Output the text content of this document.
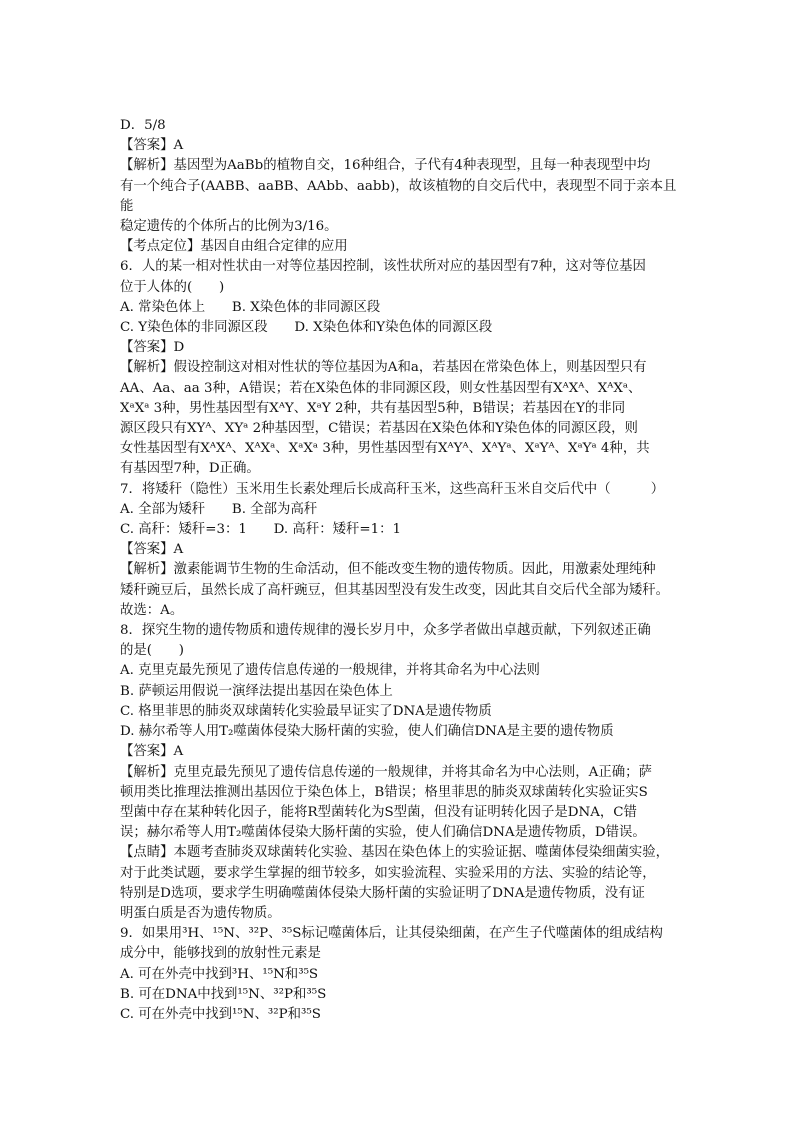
D．5/8
【答案】A
【解析】基因型为AaBb的植物自交，16种组合，子代有4种表现型，且每一种表现型中均
有一个纯合子(AABB、aaBB、AAbb、aabb)，故该植物的自交后代中，表现型不同于亲本且能
稳定遗传的个体所占的比例为3/16。
【考点定位】基因自由组合定律的应用
6．人的某一相对性状由一对等位基因控制，该性状所对应的基因型有7种，这对等位基因
位于人体的(　　)
A. 常染色体上　　B. X染色体的非同源区段
C. Y染色体的非同源区段　　D. X染色体和Y染色体的同源区段
【答案】D
【解析】假设控制这对相对性状的等位基因为A和a，若基因在常染色体上，则基因型只有
AA、Aa、aa 3种，A错误；若在X染色体的非同源区段，则女性基因型有XᴬXᴬ、XᴬXᵃ、
XᵃXᵃ 3种，男性基因型有XᴬY、XᵃY 2种，共有基因型5种，B错误；若基因在Y的非同
源区段只有XYᴬ、XYᵃ 2种基因型，C错误；若基因在X染色体和Y染色体的同源区段，则
女性基因型有XᴬXᴬ、XᴬXᵃ、XᵃXᵃ 3种，男性基因型有XᴬYᴬ、XᴬYᵃ、XᵃYᴬ、XᵃYᵃ 4种，共
有基因型7种，D正确。
7．将矮秆（隐性）玉米用生长素处理后长成高秆玉米，这些高秆玉米自交后代中（　　　）
A. 全部为矮秆　　B. 全部为高秆
C. 高秆：矮秆=3：1　　D. 高秆：矮秆=1：1
【答案】A
【解析】激素能调节生物的生命活动，但不能改变生物的遗传物质。因此，用激素处理纯种
矮秆豌豆后，虽然长成了高杆豌豆，但其基因型没有发生改变，因此其自交后代全部为矮秆。
故选：A。
8．探究生物的遗传物质和遗传规律的漫长岁月中，众多学者做出卓越贡献，下列叙述正确
的是(　　)
A. 克里克最先预见了遗传信息传递的一般规律，并将其命名为中心法则
B. 萨顿运用假说一演绎法提出基因在染色体上
C. 格里菲思的肺炎双球菌转化实验最早证实了DNA是遗传物质
D. 赫尔希等人用T₂噬菌体侵染大肠杆菌的实验，使人们确信DNA是主要的遗传物质
【答案】A
【解析】克里克最先预见了遗传信息传递的一般规律，并将其命名为中心法则，A正确；萨
顿用类比推理法推测出基因位于染色体上，B错误；格里菲思的肺炎双球菌转化实验证实S
型菌中存在某种转化因子，能将R型菌转化为S型菌，但没有证明转化因子是DNA，C错
误；赫尔希等人用T₂噬菌体侵染大肠杆菌的实验，使人们确信DNA是遗传物质，D错误。
【点睛】本题考查肺炎双球菌转化实验、基因在染色体上的实验证据、噬菌体侵染细菌实验，
对于此类试题，要求学生掌握的细节较多，如实验流程、实验采用的方法、实验的结论等，
特别是D选项，要求学生明确噬菌体侵染大肠杆菌的实验证明了DNA是遗传物质，没有证
明蛋白质是否为遗传物质。
9．如果用³H、¹⁵N、³²P、³⁵S标记噬菌体后，让其侵染细菌，在产生子代噬菌体的组成结构
成分中，能够找到的放射性元素是
A. 可在外壳中找到³H、¹⁵N和³⁵S
B. 可在DNA中找到¹⁵N、³²P和³⁵S
C. 可在外壳中找到¹⁵N、³²P和³⁵S
